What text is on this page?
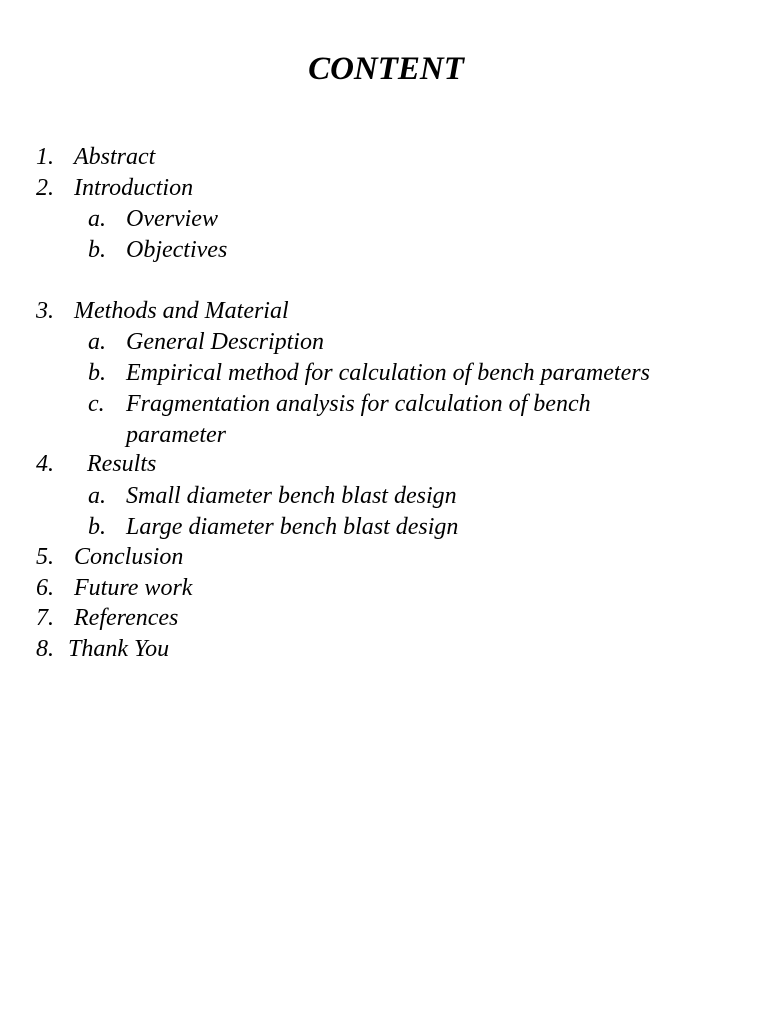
CONTENT
1. Abstract
2. Introduction
a. Overview
b. Objectives
3. Methods and Material
a. General Description
b. Empirical method for calculation of bench parameters
c. Fragmentation analysis for calculation of bench
parameter
4. Results
a. Small diameter bench blast design
b. Large diameter bench blast design
5. Conclusion
6. Future work
7. References
8. Thank You
